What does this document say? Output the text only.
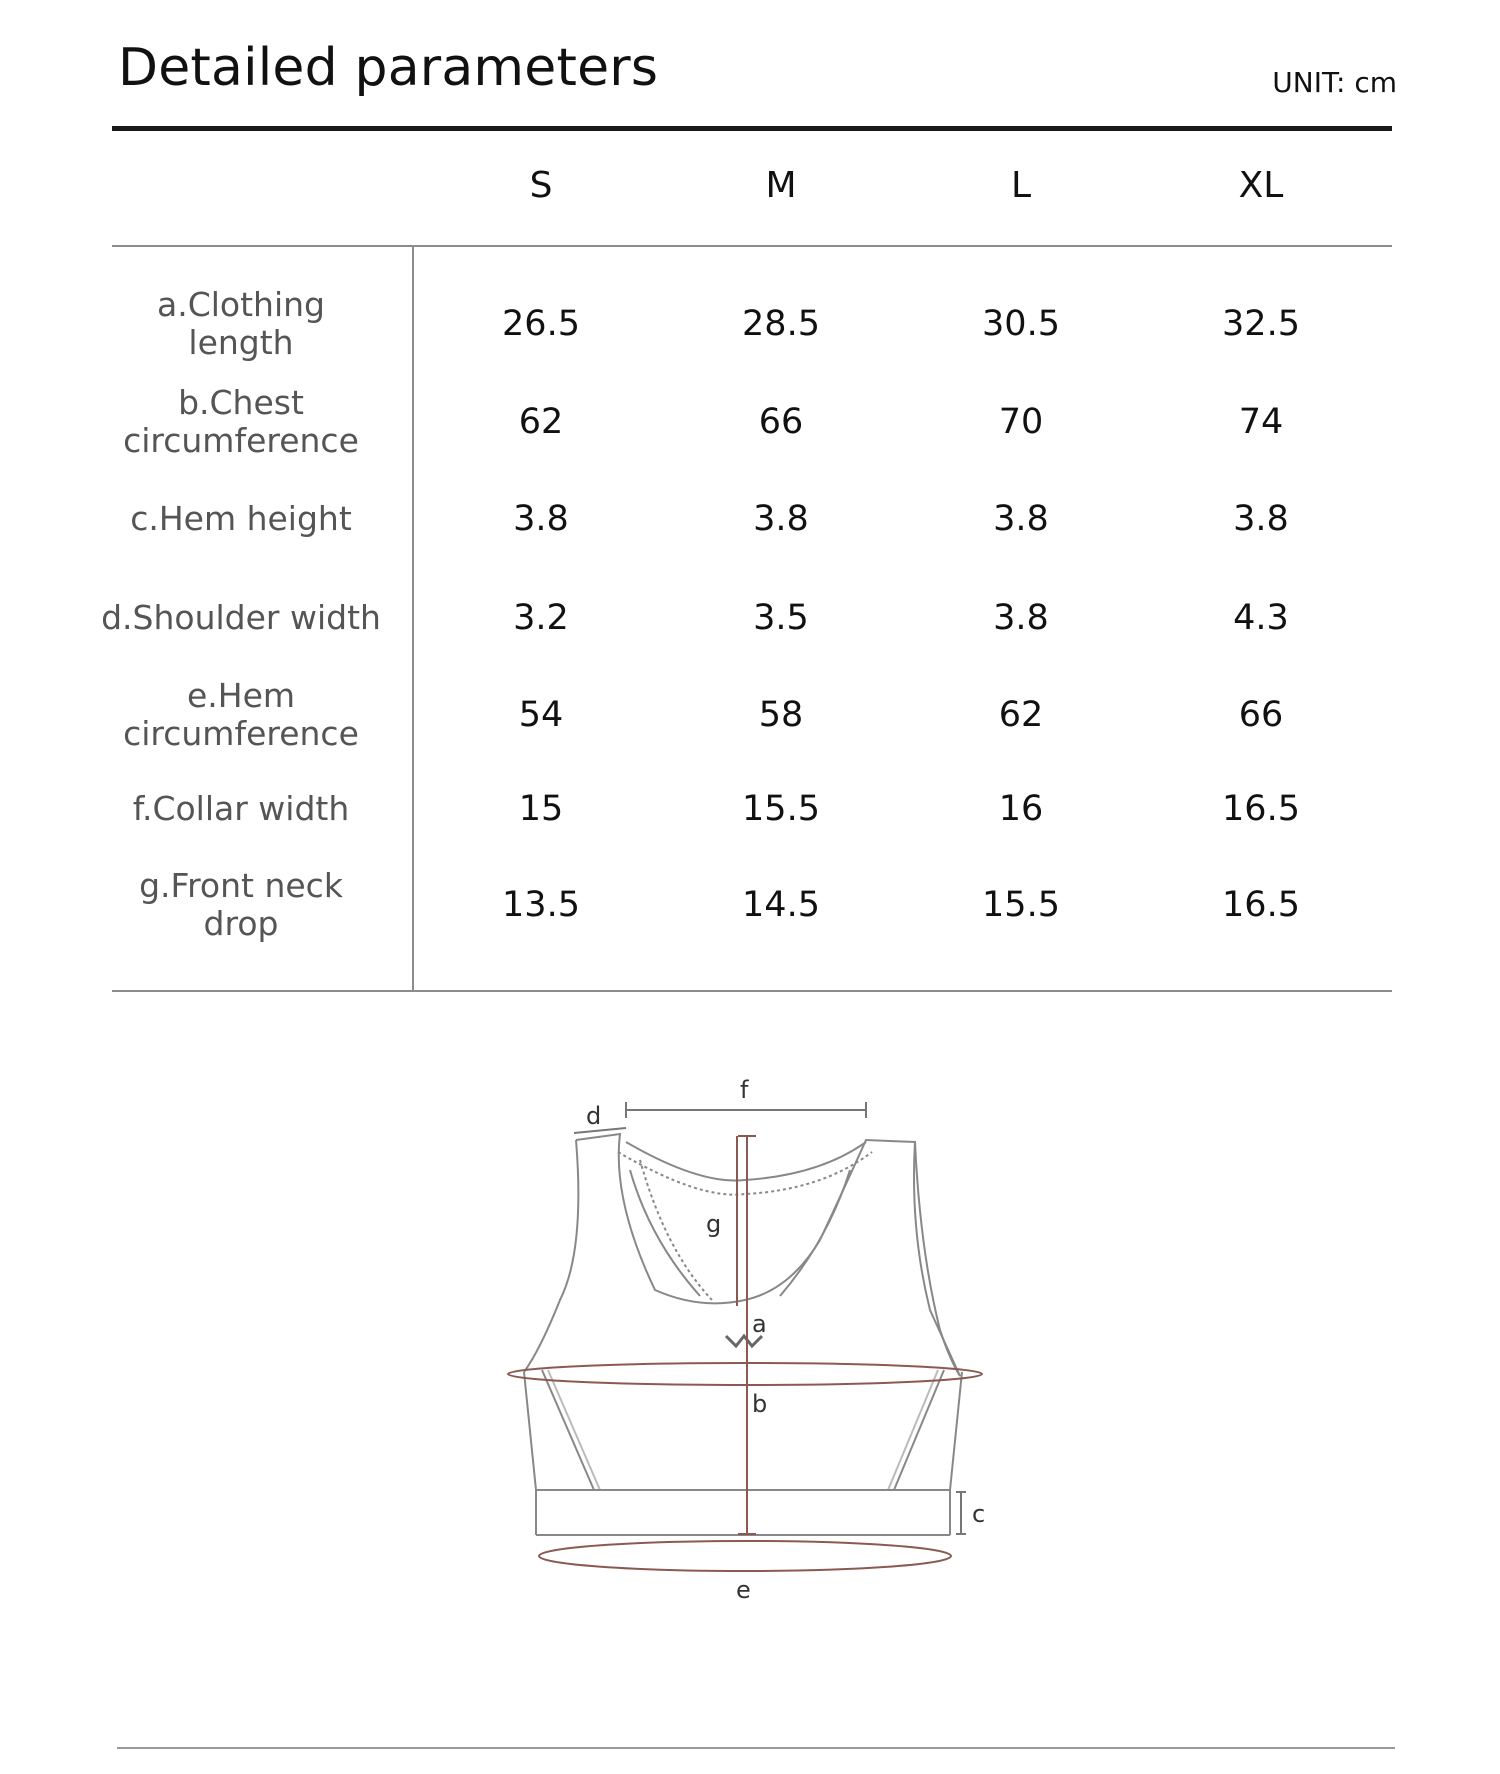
Detailed parameters	UNIT: cm
S	M	L	XL
a.Clothing length	26.5	28.5	30.5	32.5
b.Chest circumference	62	66	70	74
c.Hem height	3.8	3.8	3.8	3.8
d.Shoulder width	3.2	3.5	3.8	4.3
e.Hem circumference	54	58	62	66
f.Collar width	15	15.5	16	16.5
g.Front neck drop	13.5	14.5	15.5	16.5
f
d
g
a
b
c
e
